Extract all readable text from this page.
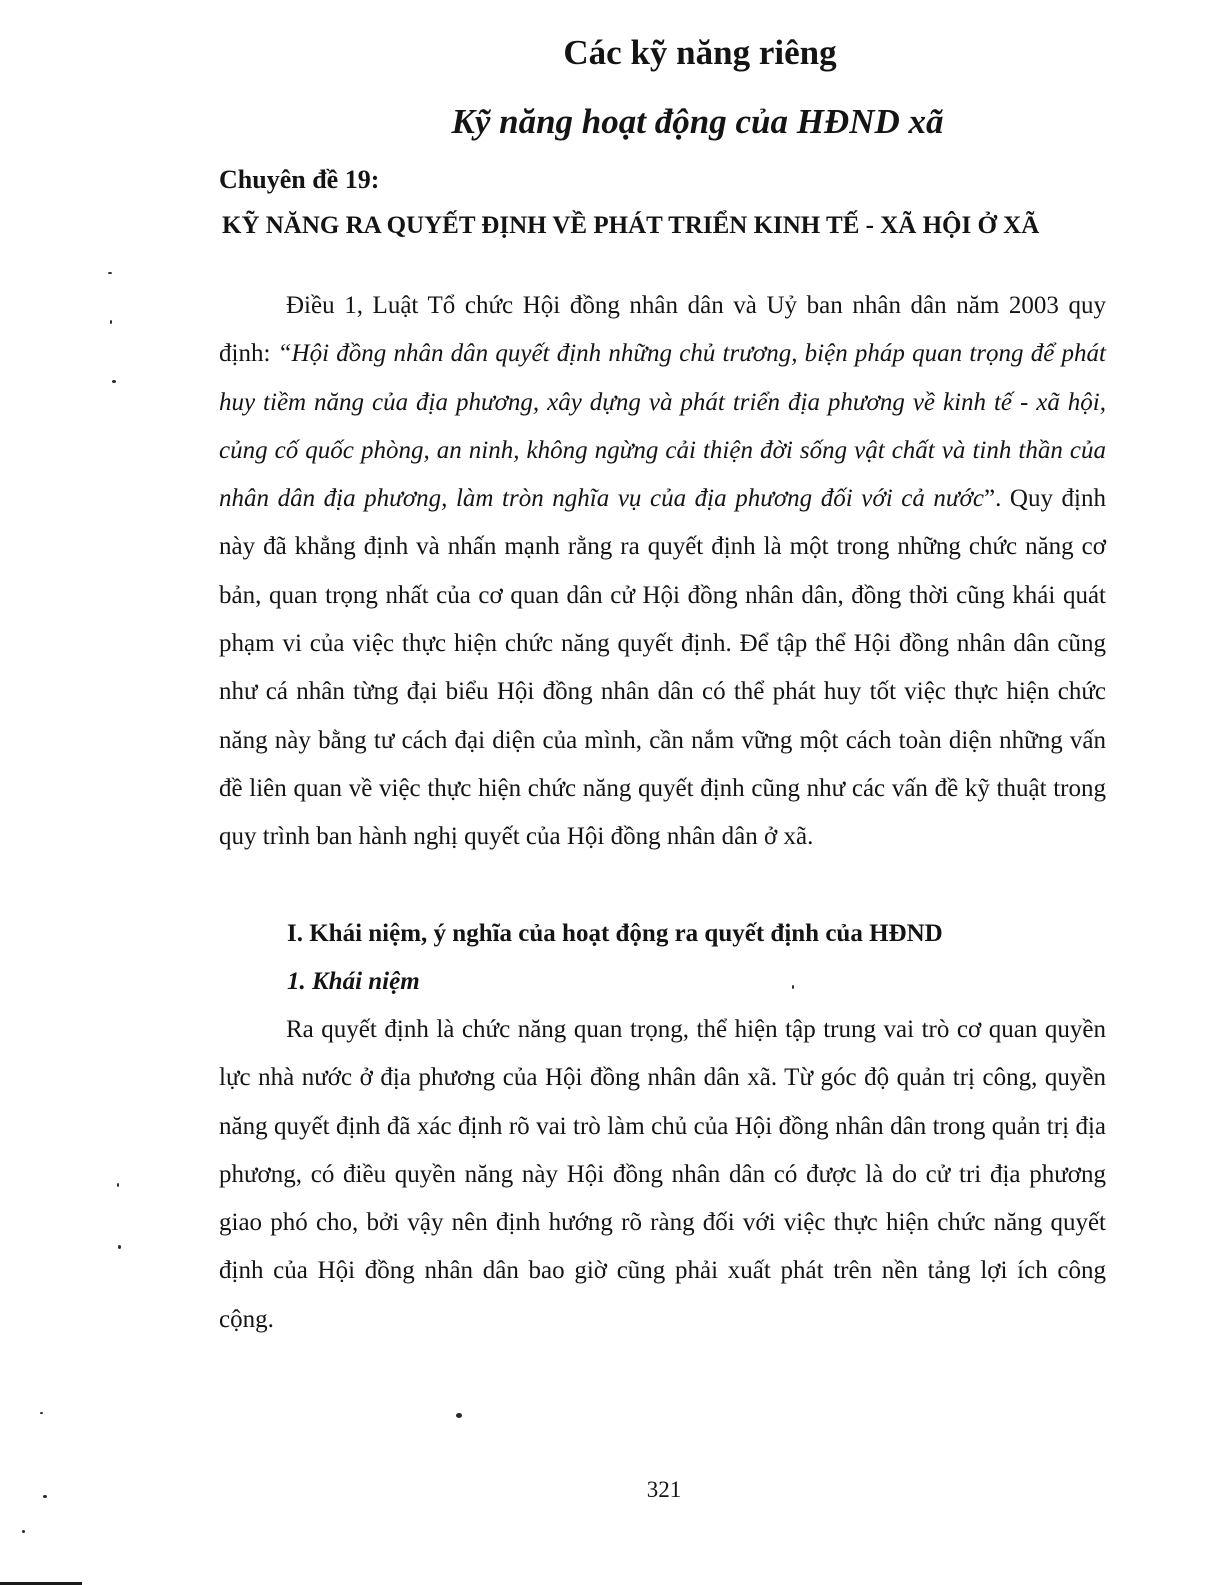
Các kỹ năng riêng
Kỹ năng hoạt động của HĐND xã

Chuyên đề 19:

KỸ NĂNG RA QUYẾT ĐỊNH VỀ PHÁT TRIỂN KINH TẾ - XÃ HỘI Ở XÃ

Điều 1, Luật Tổ chức Hội đồng nhân dân và Uỷ ban nhân dân năm 2003 quy định: “Hội đồng nhân dân quyết định những chủ trương, biện pháp quan trọng để phát huy tiềm năng của địa phương, xây dựng và phát triển địa phương về kinh tế - xã hội, củng cố quốc phòng, an ninh, không ngừng cải thiện đời sống vật chất và tinh thần của nhân dân địa phương, làm tròn nghĩa vụ của địa phương đối với cả nước”. Quy định này đã khẳng định và nhấn mạnh rằng ra quyết định là một trong những chức năng cơ bản, quan trọng nhất của cơ quan dân cử Hội đồng nhân dân, đồng thời cũng khái quát phạm vi của việc thực hiện chức năng quyết định. Để tập thể Hội đồng nhân dân cũng như cá nhân từng đại biểu Hội đồng nhân dân có thể phát huy tốt việc thực hiện chức năng này bằng tư cách đại diện của mình, cần nắm vững một cách toàn diện những vấn đề liên quan về việc thực hiện chức năng quyết định cũng như các vấn đề kỹ thuật trong quy trình ban hành nghị quyết của Hội đồng nhân dân ở xã.

I. Khái niệm, ý nghĩa của hoạt động ra quyết định của HĐND

1. Khái niệm

Ra quyết định là chức năng quan trọng, thể hiện tập trung vai trò cơ quan quyền lực nhà nước ở địa phương của Hội đồng nhân dân xã. Từ góc độ quản trị công, quyền năng quyết định đã xác định rõ vai trò làm chủ của Hội đồng nhân dân trong quản trị địa phương, có điều quyền năng này Hội đồng nhân dân có được là do cử tri địa phương giao phó cho, bởi vậy nên định hướng rõ ràng đối với việc thực hiện chức năng quyết định của Hội đồng nhân dân bao giờ cũng phải xuất phát trên nền tảng lợi ích công cộng.

321
